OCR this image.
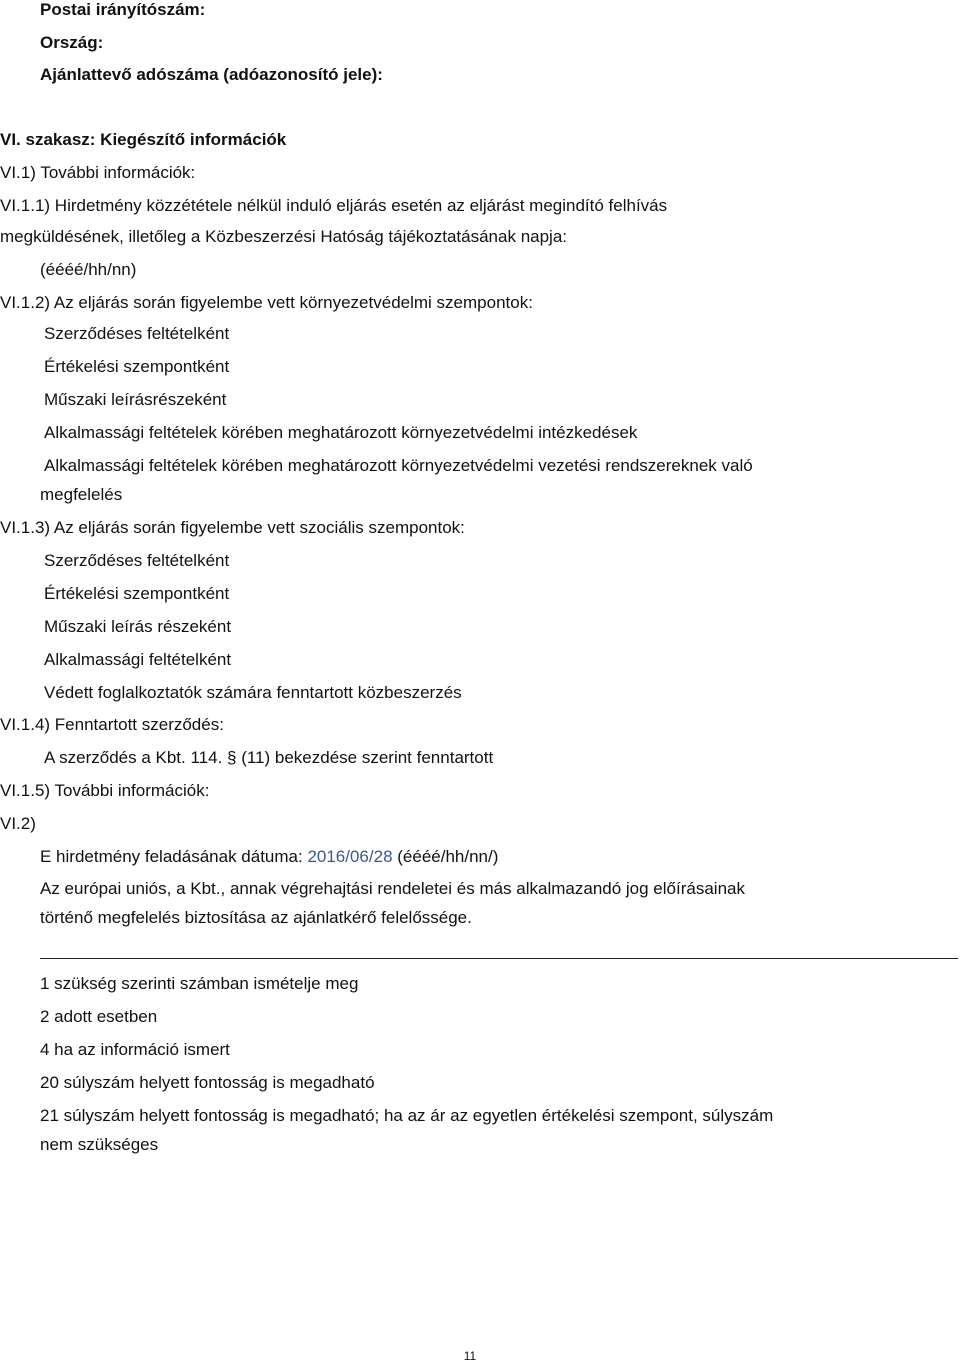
Postai irányítószám:
Ország:
Ajánlattevő adószáma (adóazonosító jele):
VI. szakasz: Kiegészítő információk
VI.1) További információk:
VI.1.1) Hirdetmény közzététele nélkül induló eljárás esetén az eljárást megindító felhívás
megküldésének, illetőleg a Közbeszerzési Hatóság tájékoztatásának napja:
(éééé/hh/nn)
VI.1.2) Az eljárás során figyelembe vett környezetvédelmi szempontok:
Szerződéses feltételként
Értékelési szempontként
Műszaki leírásrészeként
Alkalmassági feltételek körében meghatározott környezetvédelmi intézkedések
Alkalmassági feltételek körében meghatározott környezetvédelmi vezetési rendszereknek való
megfelelés
VI.1.3) Az eljárás során figyelembe vett szociális szempontok:
Szerződéses feltételként
Értékelési szempontként
Műszaki leírás részeként
Alkalmassági feltételként
Védett foglalkoztatók számára fenntartott közbeszerzés
VI.1.4) Fenntartott szerződés:
A szerződés a Kbt. 114. § (11) bekezdése szerint fenntartott
VI.1.5) További információk:
VI.2)
E hirdetmény feladásának dátuma: 2016/06/28 (éééé/hh/nn/)
Az európai uniós, a Kbt., annak végrehajtási rendeletei és más alkalmazandó jog előírásainak
történő megfelelés biztosítása az ajánlatkérő felelőssége.
1 szükség szerinti számban ismételje meg
2 adott esetben
4 ha az információ ismert
20 súlyszám helyett fontosság is megadható
21 súlyszám helyett fontosság is megadható; ha az ár az egyetlen értékelési szempont, súlyszám
nem szükséges
11
